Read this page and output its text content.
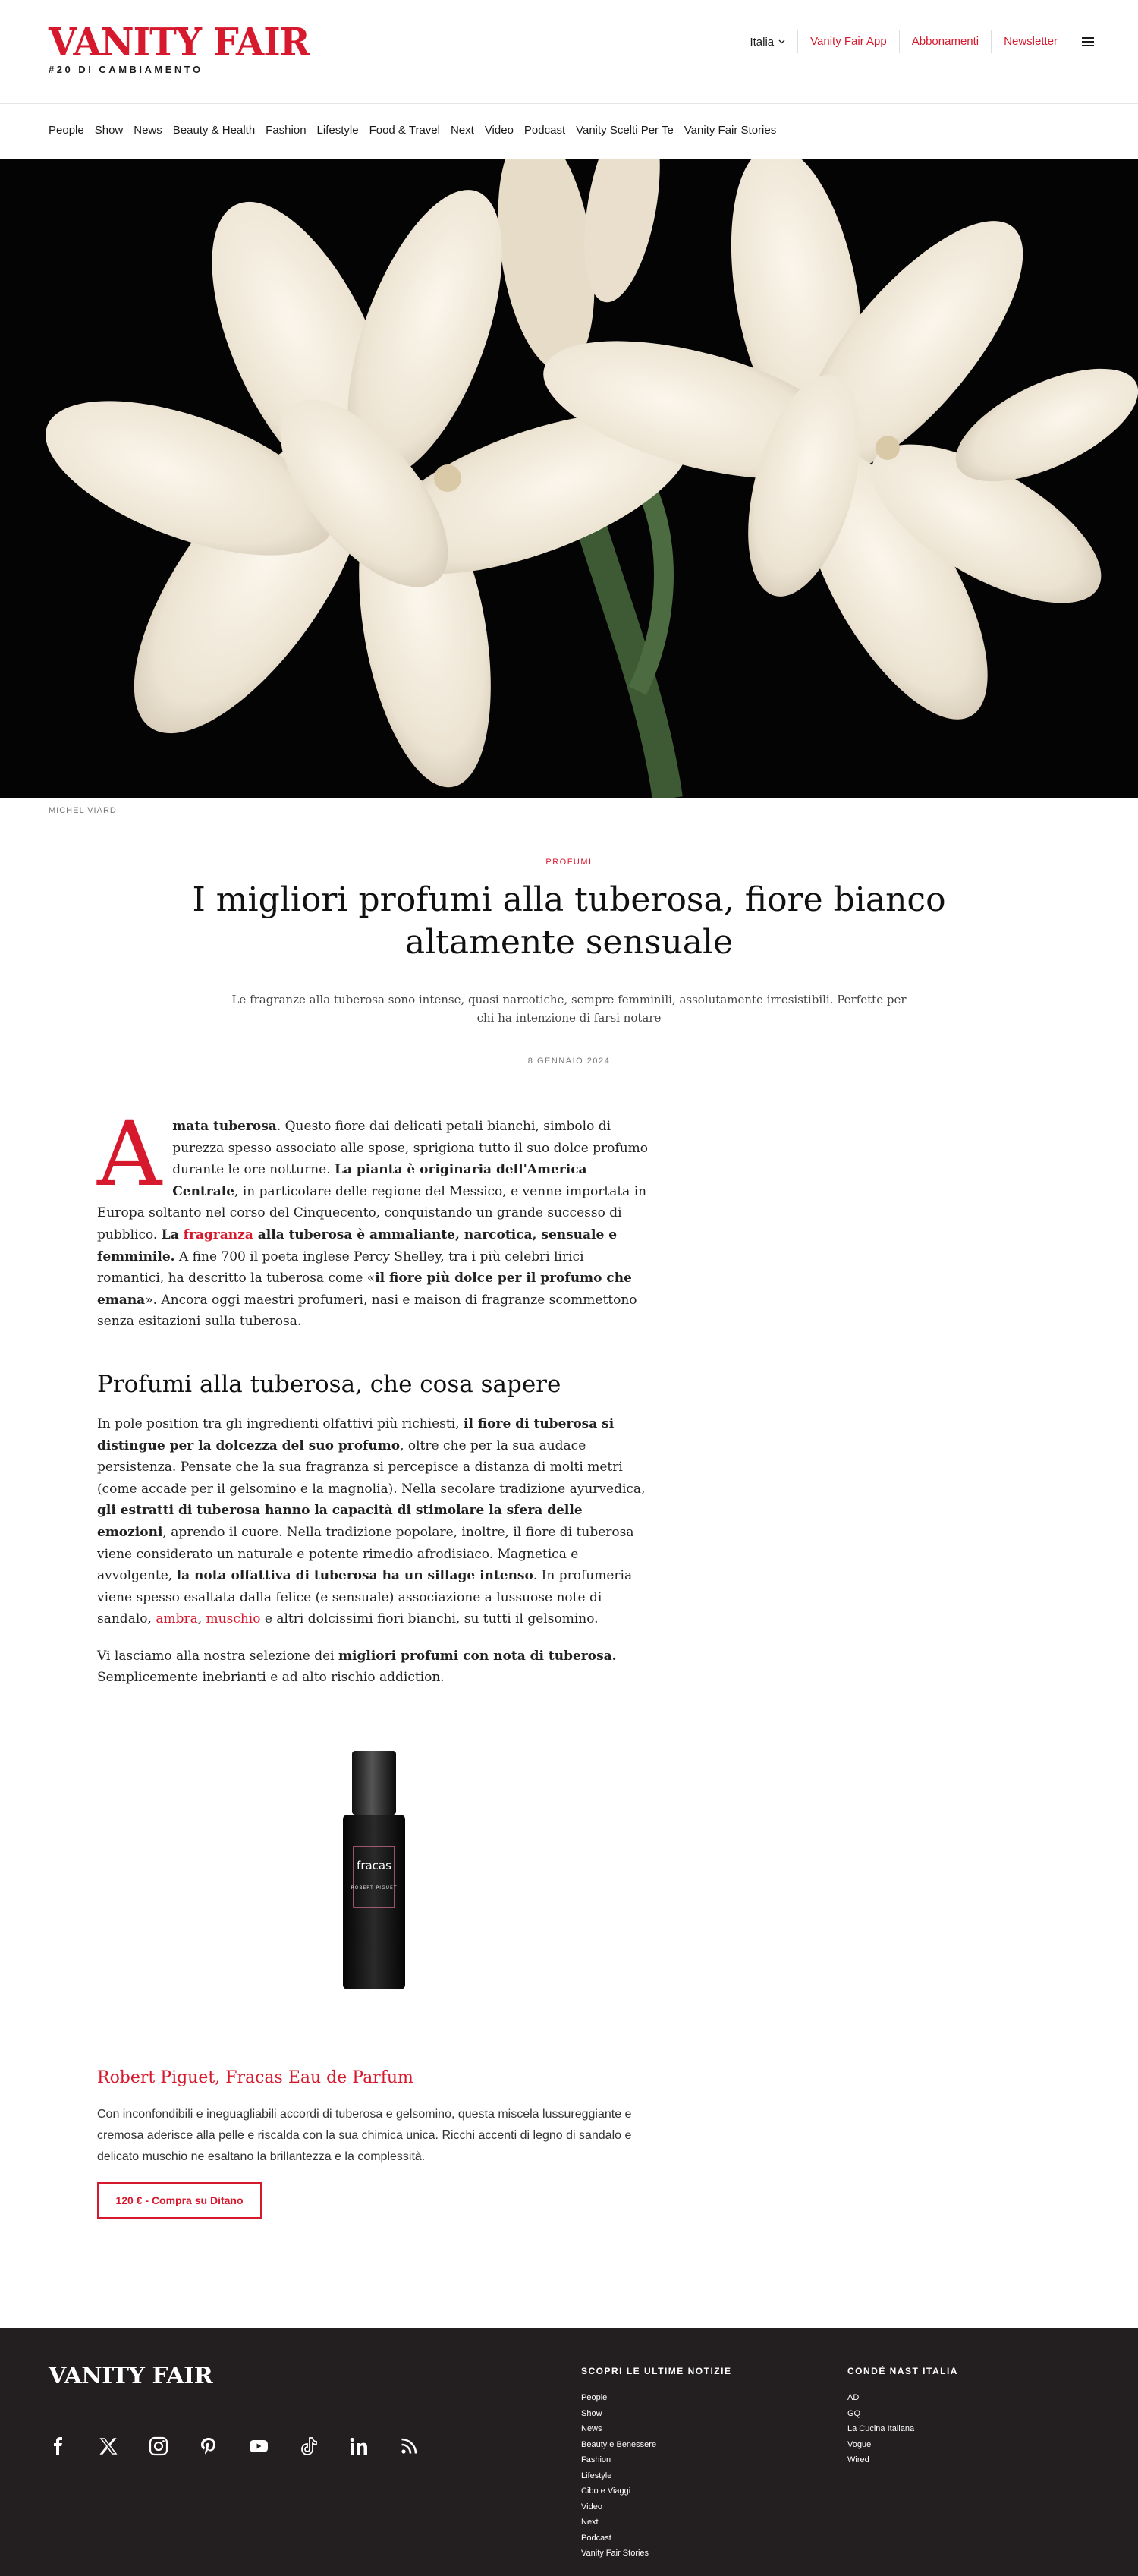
VANITY FAIR
#20 DI CAMBIAMENTO
Italia	Vanity Fair App	Abbonamenti	Newsletter
People Show News Beauty & Health Fashion Lifestyle Food & Travel Next Video Podcast Vanity Scelti Per Te Vanity Fair Stories
MICHEL VIARD
PROFUMI
I migliori profumi alla tuberosa, fiore bianco altamente sensuale

Le fragranze alla tuberosa sono intense, quasi narcotiche, sempre femminili, assolutamente irresistibili. Perfette per chi ha intenzione di farsi notare

8 GENNAIO 2024

A mata tuberosa. Questo fiore dai delicati petali bianchi, simbolo di purezza spesso associato alle spose, sprigiona tutto il suo dolce profumo durante le ore notturne. La pianta è originaria dell'America Centrale, in particolare delle regione del Messico, e venne importata in Europa soltanto nel corso del Cinquecento, conquistando un grande successo di pubblico. La fragranza alla tuberosa è ammaliante, narcotica, sensuale e femminile. A fine 700 il poeta inglese Percy Shelley, tra i più celebri lirici romantici, ha descritto la tuberosa come «il fiore più dolce per il profumo che emana». Ancora oggi maestri profumeri, nasi e maison di fragranze scommettono senza esitazioni sulla tuberosa.

Profumi alla tuberosa, che cosa sapere

In pole position tra gli ingredienti olfattivi più richiesti, il fiore di tuberosa si distingue per la dolcezza del suo profumo, oltre che per la sua audace persistenza. Pensate che la sua fragranza si percepisce a distanza di molti metri (come accade per il gelsomino e la magnolia). Nella secolare tradizione ayurvedica, gli estratti di tuberosa hanno la capacità di stimolare la sfera delle emozioni, aprendo il cuore. Nella tradizione popolare, inoltre, il fiore di tuberosa viene considerato un naturale e potente rimedio afrodisiaco. Magnetica e avvolgente, la nota olfattiva di tuberosa ha un sillage intenso. In profumeria viene spesso esaltata dalla felice (e sensuale) associazione a lussuose note di sandalo, ambra, muschio e altri dolcissimi fiori bianchi, su tutti il gelsomino.

Vi lasciamo alla nostra selezione dei migliori profumi con nota di tuberosa. Semplicemente inebrianti e ad alto rischio addiction.

fracas
ROBERT PIGUET
Robert Piguet, Fracas Eau de Parfum

Con inconfondibili e ineguagliabili accordi di tuberosa e gelsomino, questa miscela lussureggiante e cremosa aderisce alla pelle e riscalda con la sua chimica unica. Ricchi accenti di legno di sandalo e delicato muschio ne esaltano la brillantezza e la complessità.

120 € - Compra su Ditano
VANITY FAIR	SCOPRI LE ULTIME NOTIZIE
People
Show
News
Beauty e Benessere
Fashion
Lifestyle
Cibo e Viaggi
Video
Next
Podcast
Vanity Fair Stories
CONDÉ NAST ITALIA
AD
GQ
La Cucina Italiana
Vogue
Wired
